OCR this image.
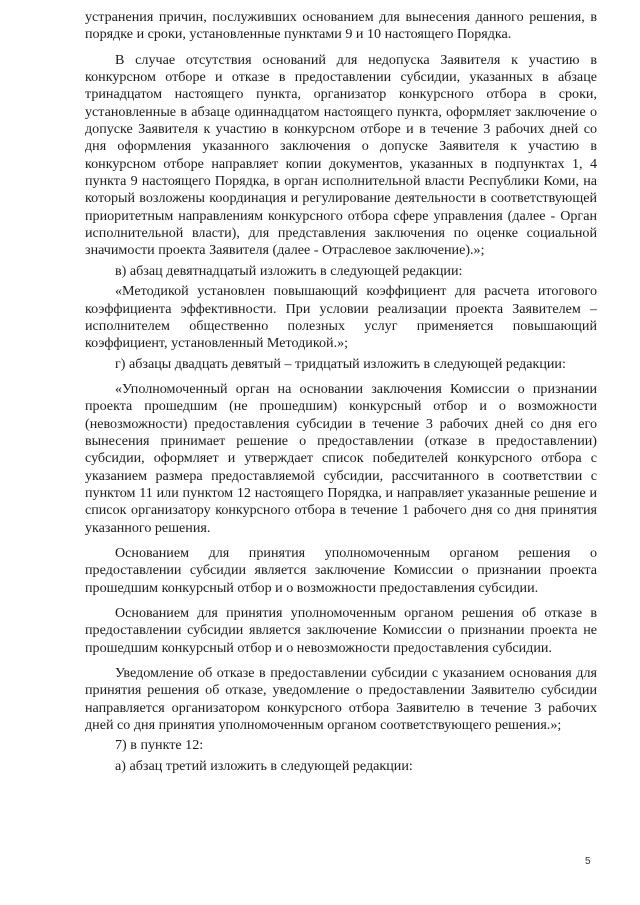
устранения причин, послуживших основанием для вынесения данного решения, в порядке и сроки, установленные пунктами 9 и 10 настоящего Порядка.

В случае отсутствия оснований для недопуска Заявителя к участию в конкурсном отборе и отказе в предоставлении субсидии, указанных в абзаце тринадцатом настоящего пункта, организатор конкурсного отбора в сроки, установленные в абзаце одиннадцатом настоящего пункта, оформляет заключение о допуске Заявителя к участию в конкурсном отборе и в течение 3 рабочих дней со дня оформления указанного заключения о допуске Заявителя к участию в конкурсном отборе направляет копии документов, указанных в подпунктах 1, 4 пункта 9 настоящего Порядка, в орган исполнительной власти Республики Коми, на который возложены координация и регулирование деятельности в соответствующей приоритетным направлениям конкурсного отбора сфере управления (далее - Орган исполнительной власти), для представления заключения по оценке социальной значимости проекта Заявителя (далее - Отраслевое заключение).»;

в) абзац девятнадцатый изложить в следующей редакции:

«Методикой установлен повышающий коэффициент для расчета итогового коэффициента эффективности. При условии реализации проекта Заявителем – исполнителем общественно полезных услуг применяется повышающий коэффициент, установленный Методикой.»;

г) абзацы двадцать девятый – тридцатый изложить в следующей редакции:

«Уполномоченный орган на основании заключения Комиссии о признании проекта прошедшим (не прошедшим) конкурсный отбор и о возможности (невозможности) предоставления субсидии в течение 3 рабочих дней со дня его вынесения принимает решение о предоставлении (отказе в предоставлении) субсидии, оформляет и утверждает список победителей конкурсного отбора с указанием размера предоставляемой субсидии, рассчитанного в соответствии с пунктом 11 или пунктом 12 настоящего Порядка, и направляет указанные решение и список организатору конкурсного отбора в течение 1 рабочего дня со дня принятия указанного решения.

Основанием для принятия уполномоченным органом решения о предоставлении субсидии является заключение Комиссии о признании проекта прошедшим конкурсный отбор и о возможности предоставления субсидии.

Основанием для принятия уполномоченным органом решения об отказе в предоставлении субсидии является заключение Комиссии о признании проекта не прошедшим конкурсный отбор и о невозможности предоставления субсидии.

Уведомление об отказе в предоставлении субсидии с указанием основания для принятия решения об отказе, уведомление о предоставлении Заявителю субсидии направляется организатором конкурсного отбора Заявителю в течение 3 рабочих дней со дня принятия уполномоченным органом соответствующего решения.»;

7) в пункте 12:

а) абзац третий изложить в следующей редакции:

5
